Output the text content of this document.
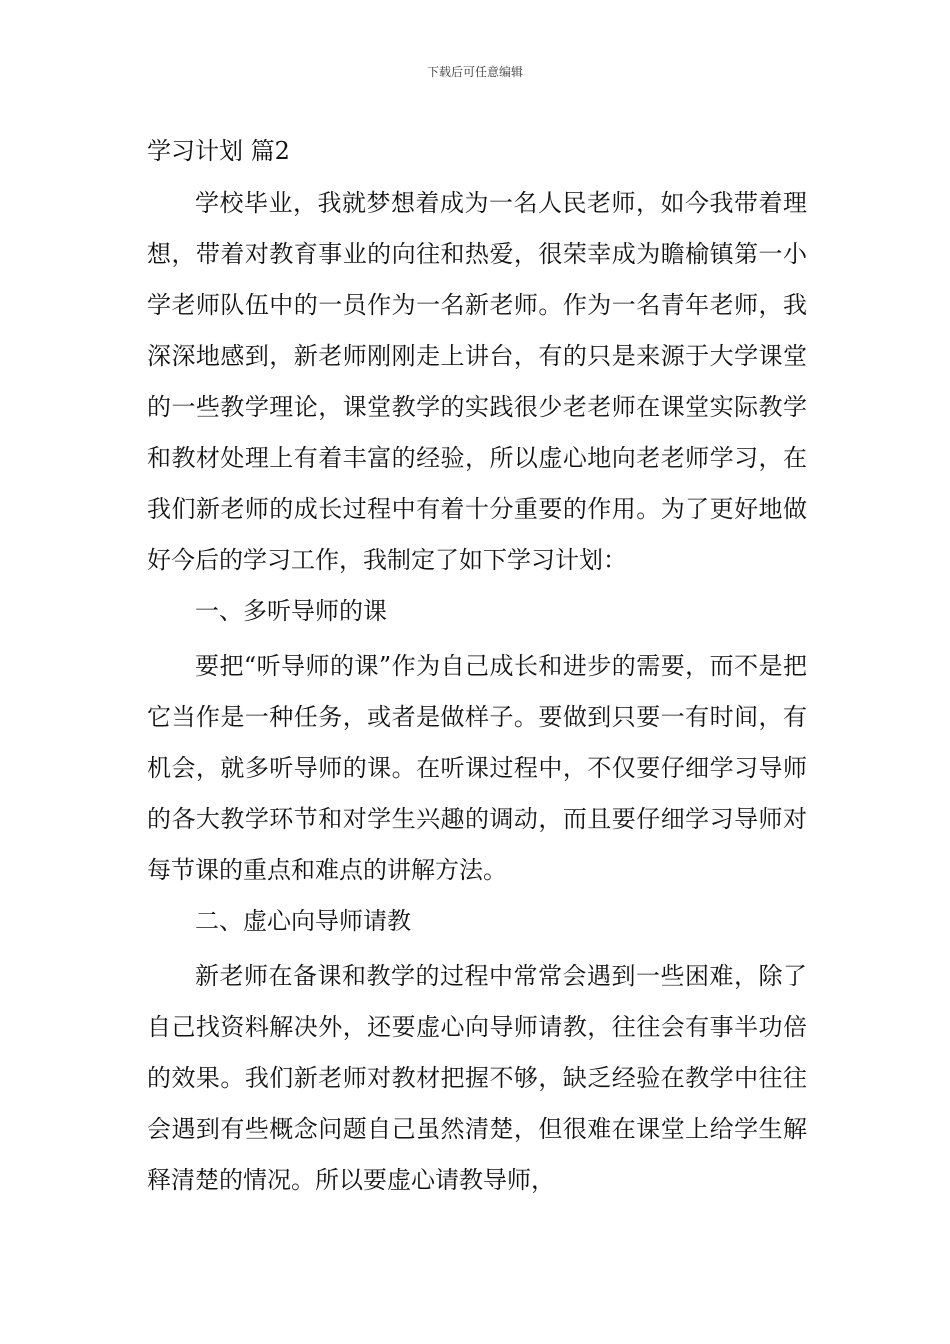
下载后可任意编辑
学习计划 篇2

学校毕业，我就梦想着成为一名人民老师，如今我带着理想，带着对教育事业的向往和热爱，很荣幸成为瞻榆镇第一小学老师队伍中的一员作为一名新老师。作为一名青年老师，我深深地感到，新老师刚刚走上讲台，有的只是来源于大学课堂的一些教学理论，课堂教学的实践很少老老师在课堂实际教学和教材处理上有着丰富的经验，所以虚心地向老老师学习，在我们新老师的成长过程中有着十分重要的作用。为了更好地做好今后的学习工作，我制定了如下学习计划：

一、多听导师的课

要把“听导师的课”作为自己成长和进步的需要，而不是把它当作是一种任务，或者是做样子。要做到只要一有时间，有机会，就多听导师的课。在听课过程中，不仅要仔细学习导师的各大教学环节和对学生兴趣的调动，而且要仔细学习导师对每节课的重点和难点的讲解方法。

二、虚心向导师请教

新老师在备课和教学的过程中常常会遇到一些困难，除了自己找资料解决外，还要虚心向导师请教，往往会有事半功倍的效果。我们新老师对教材把握不够，缺乏经验在教学中往往会遇到有些概念问题自己虽然清楚，但很难在课堂上给学生解释清楚的情况。所以要虚心请教导师，
